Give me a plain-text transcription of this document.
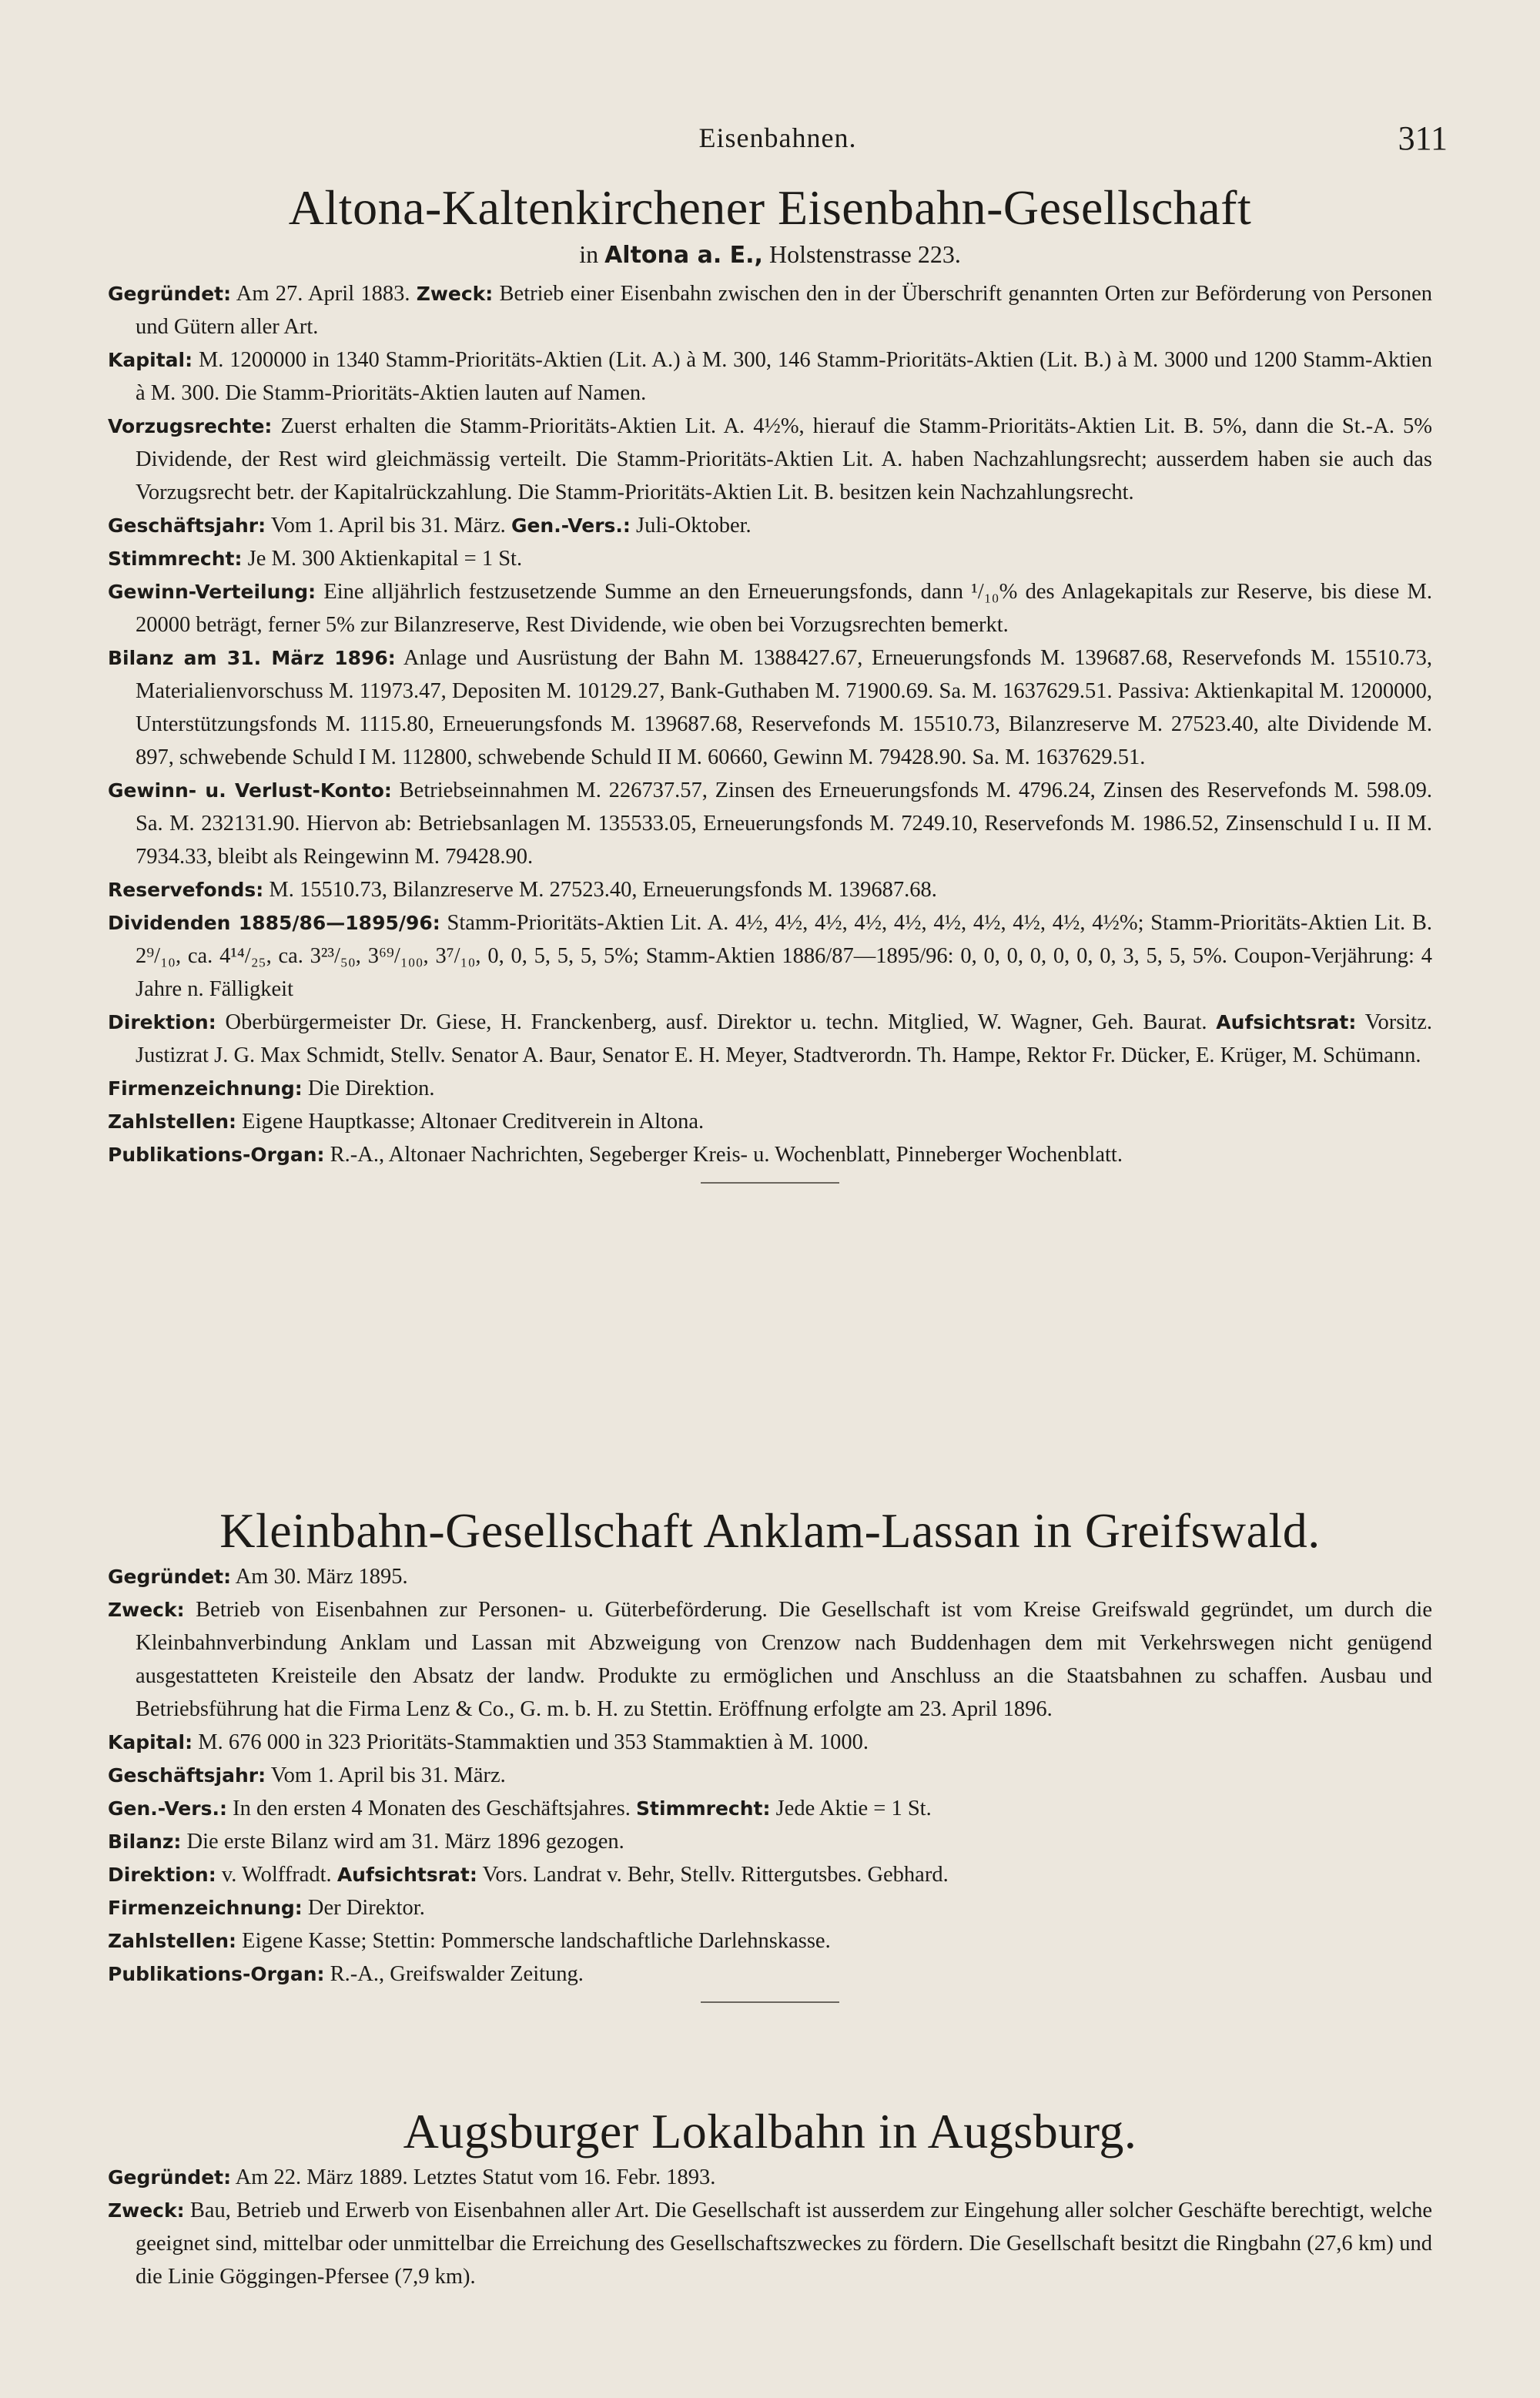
Eisenbahnen.	311
Altona-Kaltenkirchener Eisenbahn-Gesellschaft

in Altona a. E., Holstenstrasse 223.

Gegründet: Am 27. April 1883. Zweck: Betrieb einer Eisenbahn zwischen den in der Überschrift genannten Orten zur Beförderung von Personen und Gütern aller Art.

Kapital: M. 1200000 in 1340 Stamm-Prioritäts-Aktien (Lit. A.) à M. 300, 146 Stamm-Prioritäts-Aktien (Lit. B.) à M. 3000 und 1200 Stamm-Aktien à M. 300. Die Stamm-Prioritäts-Aktien lauten auf Namen.

Vorzugsrechte: Zuerst erhalten die Stamm-Prioritäts-Aktien Lit. A. 4½%, hierauf die Stamm-Prioritäts-Aktien Lit. B. 5%, dann die St.-A. 5% Dividende, der Rest wird gleichmässig verteilt. Die Stamm-Prioritäts-Aktien Lit. A. haben Nachzahlungsrecht; ausserdem haben sie auch das Vorzugsrecht betr. der Kapitalrückzahlung. Die Stamm-Prioritäts-Aktien Lit. B. besitzen kein Nachzahlungsrecht.

Geschäftsjahr: Vom 1. April bis 31. März. Gen.-Vers.: Juli-Oktober.

Stimmrecht: Je M. 300 Aktienkapital = 1 St.

Gewinn-Verteilung: Eine alljährlich festzusetzende Summe an den Erneuerungsfonds, dann ¹/₁₀% des Anlagekapitals zur Reserve, bis diese M. 20000 beträgt, ferner 5% zur Bilanzreserve, Rest Dividende, wie oben bei Vorzugsrechten bemerkt.

Bilanz am 31. März 1896: Anlage und Ausrüstung der Bahn M. 1388427.67, Erneuerungsfonds M. 139687.68, Reservefonds M. 15510.73, Materialienvorschuss M. 11973.47, Depositen M. 10129.27, Bank-Guthaben M. 71900.69. Sa. M. 1637629.51. Passiva: Aktienkapital M. 1200000, Unterstützungsfonds M. 1115.80, Erneuerungsfonds M. 139687.68, Reservefonds M. 15510.73, Bilanzreserve M. 27523.40, alte Dividende M. 897, schwebende Schuld I M. 112800, schwebende Schuld II M. 60660, Gewinn M. 79428.90. Sa. M. 1637629.51.

Gewinn- u. Verlust-Konto: Betriebseinnahmen M. 226737.57, Zinsen des Erneuerungsfonds M. 4796.24, Zinsen des Reservefonds M. 598.09. Sa. M. 232131.90. Hiervon ab: Betriebsanlagen M. 135533.05, Erneuerungsfonds M. 7249.10, Reservefonds M. 1986.52, Zinsenschuld I u. II M. 7934.33, bleibt als Reingewinn M. 79428.90.

Reservefonds: M. 15510.73, Bilanzreserve M. 27523.40, Erneuerungsfonds M. 139687.68.

Dividenden 1885/86—1895/96: Stamm-Prioritäts-Aktien Lit. A. 4½, 4½, 4½, 4½, 4½, 4½, 4½, 4½, 4½, 4½%; Stamm-Prioritäts-Aktien Lit. B. 2⁹/₁₀, ca. 4¹⁴/₂₅, ca. 3²³/₅₀, 3⁶⁹/₁₀₀, 3⁷/₁₀, 0, 0, 5, 5, 5, 5%; Stamm-Aktien 1886/87—1895/96: 0, 0, 0, 0, 0, 0, 0, 3, 5, 5, 5%. Coupon-Verjährung: 4 Jahre n. Fälligkeit

Direktion: Oberbürgermeister Dr. Giese, H. Franckenberg, ausf. Direktor u. techn. Mitglied, W. Wagner, Geh. Baurat. Aufsichtsrat: Vorsitz. Justizrat J. G. Max Schmidt, Stellv. Senator A. Baur, Senator E. H. Meyer, Stadtverordn. Th. Hampe, Rektor Fr. Dücker, E. Krüger, M. Schümann.

Firmenzeichnung: Die Direktion.

Zahlstellen: Eigene Hauptkasse; Altonaer Creditverein in Altona.

Publikations-Organ: R.-A., Altonaer Nachrichten, Segeberger Kreis- u. Wochenblatt, Pinneberger Wochenblatt.

Kleinbahn-Gesellschaft Anklam-Lassan in Greifswald.

Gegründet: Am 30. März 1895.

Zweck: Betrieb von Eisenbahnen zur Personen- u. Güterbeförderung. Die Gesellschaft ist vom Kreise Greifswald gegründet, um durch die Kleinbahnverbindung Anklam und Lassan mit Abzweigung von Crenzow nach Buddenhagen dem mit Verkehrswegen nicht genügend ausgestatteten Kreisteile den Absatz der landw. Produkte zu ermöglichen und Anschluss an die Staatsbahnen zu schaffen. Ausbau und Betriebsführung hat die Firma Lenz & Co., G. m. b. H. zu Stettin. Eröffnung erfolgte am 23. April 1896.

Kapital: M. 676 000 in 323 Prioritäts-Stammaktien und 353 Stammaktien à M. 1000.

Geschäftsjahr: Vom 1. April bis 31. März.

Gen.-Vers.: In den ersten 4 Monaten des Geschäftsjahres. Stimmrecht: Jede Aktie = 1 St.

Bilanz: Die erste Bilanz wird am 31. März 1896 gezogen.

Direktion: v. Wolffradt. Aufsichtsrat: Vors. Landrat v. Behr, Stellv. Rittergutsbes. Gebhard.

Firmenzeichnung: Der Direktor.

Zahlstellen: Eigene Kasse; Stettin: Pommersche landschaftliche Darlehnskasse.

Publikations-Organ: R.-A., Greifswalder Zeitung.

Augsburger Lokalbahn in Augsburg.

Gegründet: Am 22. März 1889. Letztes Statut vom 16. Febr. 1893.

Zweck: Bau, Betrieb und Erwerb von Eisenbahnen aller Art. Die Gesellschaft ist ausserdem zur Eingehung aller solcher Geschäfte berechtigt, welche geeignet sind, mittelbar oder unmittelbar die Erreichung des Gesellschaftszweckes zu fördern. Die Gesellschaft besitzt die Ringbahn (27,6 km) und die Linie Göggingen-Pfersee (7,9 km).
